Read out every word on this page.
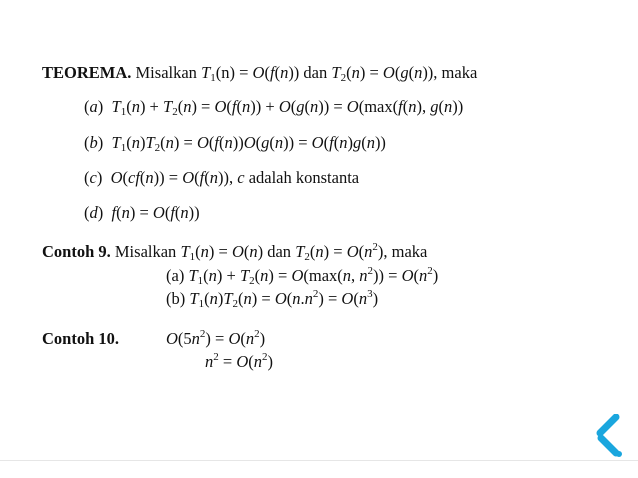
TEOREMA. Misalkan $T_1(n) = O(f(n))$ dan $T_2(n) = O(g(n))$, maka
(a)  $T_1(n) + T_2(n) = O(f(n)) + O(g(n)) = O(\max(f(n)$, g(n))
(b)  $T_1(n)T_2(n) = O(f(n))O(g(n)) = O(f(n)g(n))$
(c)  O(cf(n)) = O(f(n)), c adalah konstanta
(d)  f(n) = O(f(n))
Contoh 9. Misalkan $T_1(n) = O(n)$ dan $T_2(n) = O(n^2)$, maka
(a) $T_1(n) + T_2(n) = O(\max(n$, $n^2)) = O(n^2)$
(b) $T_1(n)T_2(n) = O(n.n^2) = O(n^3)$
Contoh 10.	$O(5n^2) = O(n^2)$
$n^2 = O(n^2)$
